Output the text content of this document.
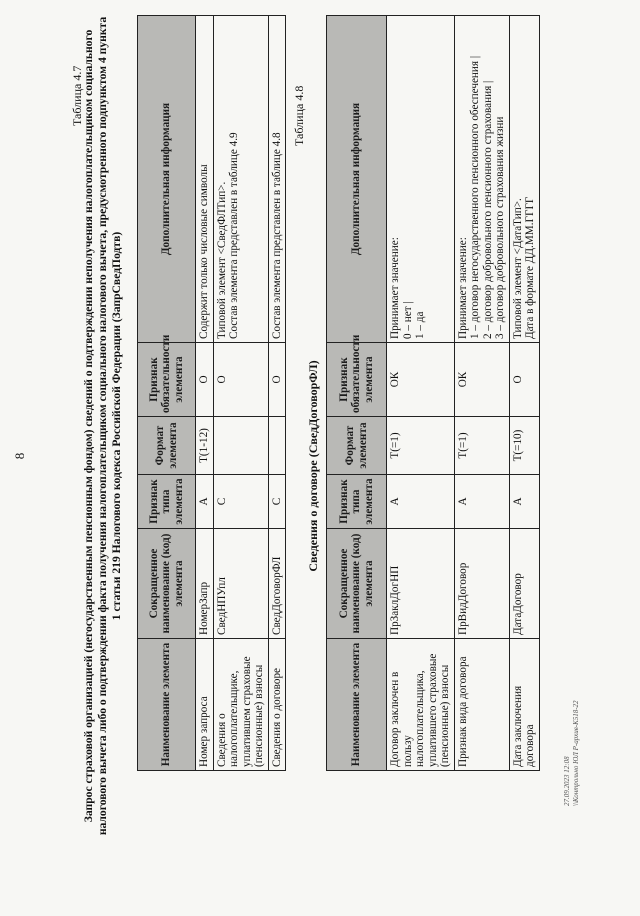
8
Таблица 4.7
Запрос страховой организацией (негосударственным пенсионным фондом) сведений о подтверждении неполучения налогоплательщиком социального налогового вычета либо о подтверждении факта получения налогоплательщиком социального налогового вычета, предусмотренного подпунктом 4 пункта 1 статьи 219 Налогового кодекса Российской Федерации (ЗапрСведПодтв)
Наименование элемента	Сокращенное наименование (код) элемента	Признак типа элемента	Формат элемента	Признак обязательности элемента	Дополнительная информация
Номер запроса	НомерЗапр	А	T(1-12)	О	Содержит только числовые символы
Сведения о налогоплательщике, уплатившем страховые (пенсионные) взносы	СведНПУпл	С		О	Типовой элемент <СведФЛТип>.
Состав элемента представлен в таблице 4.9
Сведения о договоре	СведДоговорФЛ	С		О	Состав элемента представлен в таблице 4.8
Таблица 4.8
Сведения о договоре (СведДоговорФЛ)
Наименование элемента	Сокращенное наименование (код) элемента	Признак типа элемента	Формат элемента	Признак обязательности элемента	Дополнительная информация
Договор заключен в пользу налогоплательщика, уплатившего страховые (пенсионные) взносы	ПрЗаклДогНП	А	T(=1)	ОК	Принимает значение:
0 – нет |
1 – да
Признак вида договора	ПрВидДоговор	А	T(=1)	ОК	Принимает значение:
1 – договор негосударственного пенсионного обеспечения |
2 – договор добровольного пенсионного страхования |
3 – договор добровольного страхования жизни
Дата заключения договора	ДатаДоговор	А	T(=10)	О	Типовой элемент <ДатаТип>.
Дата в формате ДД.ММ.ГГГГ
27.09.2023 12:08 \\Контрольно ЮЛ Р-архив-К518-22
